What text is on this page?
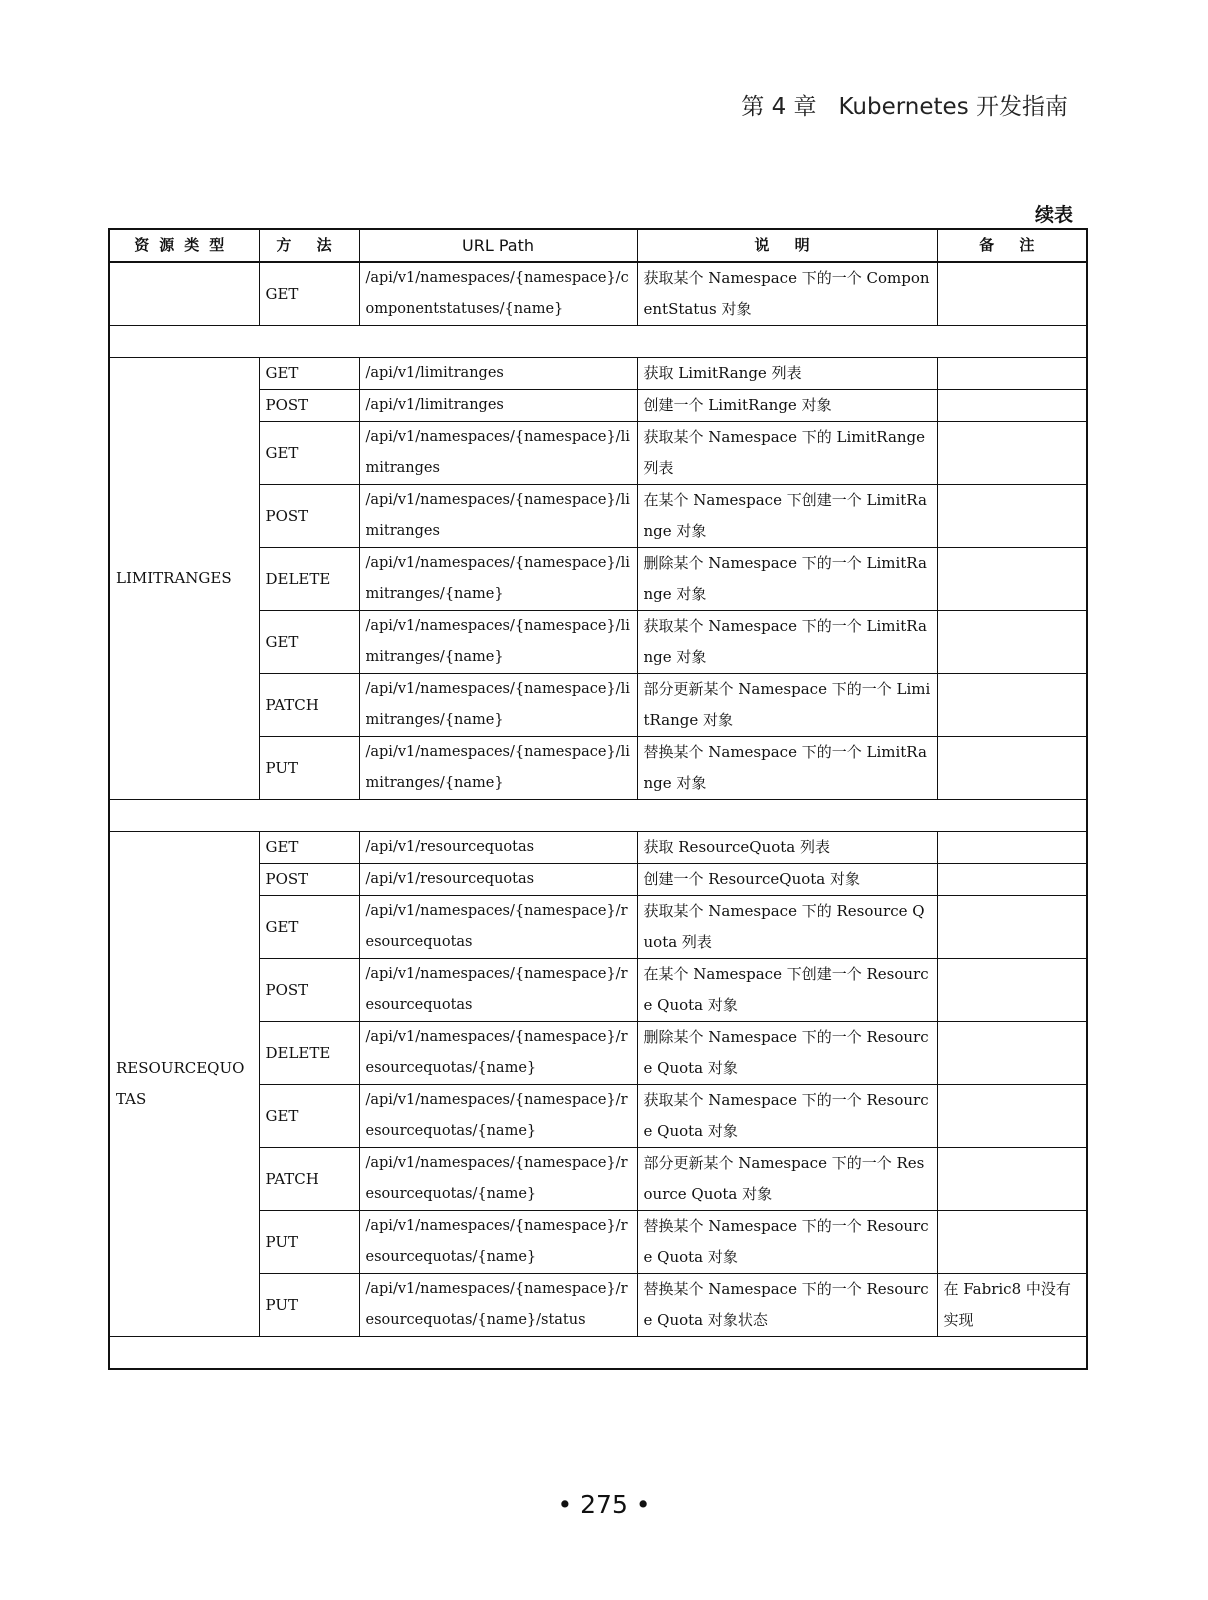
第 4 章 Kubernetes 开发指南
续表
资源类型	方 法	URL Path	说 明	备 注
	GET	/api/v1/namespaces/{namespace}/componentstatuses/{name}	获取某个 Namespace 下的一个 ComponentStatus 对象	

LIMITRANGES	GET	/api/v1/limitranges	获取 LimitRange 列表	
	POST	/api/v1/limitranges	创建一个 LimitRange 对象	
	GET	/api/v1/namespaces/{namespace}/limitranges	获取某个 Namespace 下的 LimitRange 列表	
	POST	/api/v1/namespaces/{namespace}/limitranges	在某个 Namespace 下创建一个 LimitRange 对象	
	DELETE	/api/v1/namespaces/{namespace}/limitranges/{name}	删除某个 Namespace 下的一个 LimitRange 对象	
	GET	/api/v1/namespaces/{namespace}/limitranges/{name}	获取某个 Namespace 下的一个 LimitRange 对象	
	PATCH	/api/v1/namespaces/{namespace}/limitranges/{name}	部分更新某个 Namespace 下的一个 LimitRange 对象	
	PUT	/api/v1/namespaces/{namespace}/limitranges/{name}	替换某个 Namespace 下的一个 LimitRange 对象	

RESOURCEQUOTAS	GET	/api/v1/resourcequotas	获取 ResourceQuota 列表	
	POST	/api/v1/resourcequotas	创建一个 ResourceQuota 对象	
	GET	/api/v1/namespaces/{namespace}/resourcequotas	获取某个 Namespace 下的 Resource Quota 列表	
	POST	/api/v1/namespaces/{namespace}/resourcequotas	在某个 Namespace 下创建一个 Resource Quota 对象	
	DELETE	/api/v1/namespaces/{namespace}/resourcequotas/{name}	删除某个 Namespace 下的一个 Resource Quota 对象	
	GET	/api/v1/namespaces/{namespace}/resourcequotas/{name}	获取某个 Namespace 下的一个 Resource Quota 对象	
	PATCH	/api/v1/namespaces/{namespace}/resourcequotas/{name}	部分更新某个 Namespace 下的一个 Resource Quota 对象	
	PUT	/api/v1/namespaces/{namespace}/resourcequotas/{name}	替换某个 Namespace 下的一个 Resource Quota 对象	
	PUT	/api/v1/namespaces/{namespace}/resourcequotas/{name}/status	替换某个 Namespace 下的一个 Resource Quota 对象状态	在 Fabric8 中没有实现

• 275 •
